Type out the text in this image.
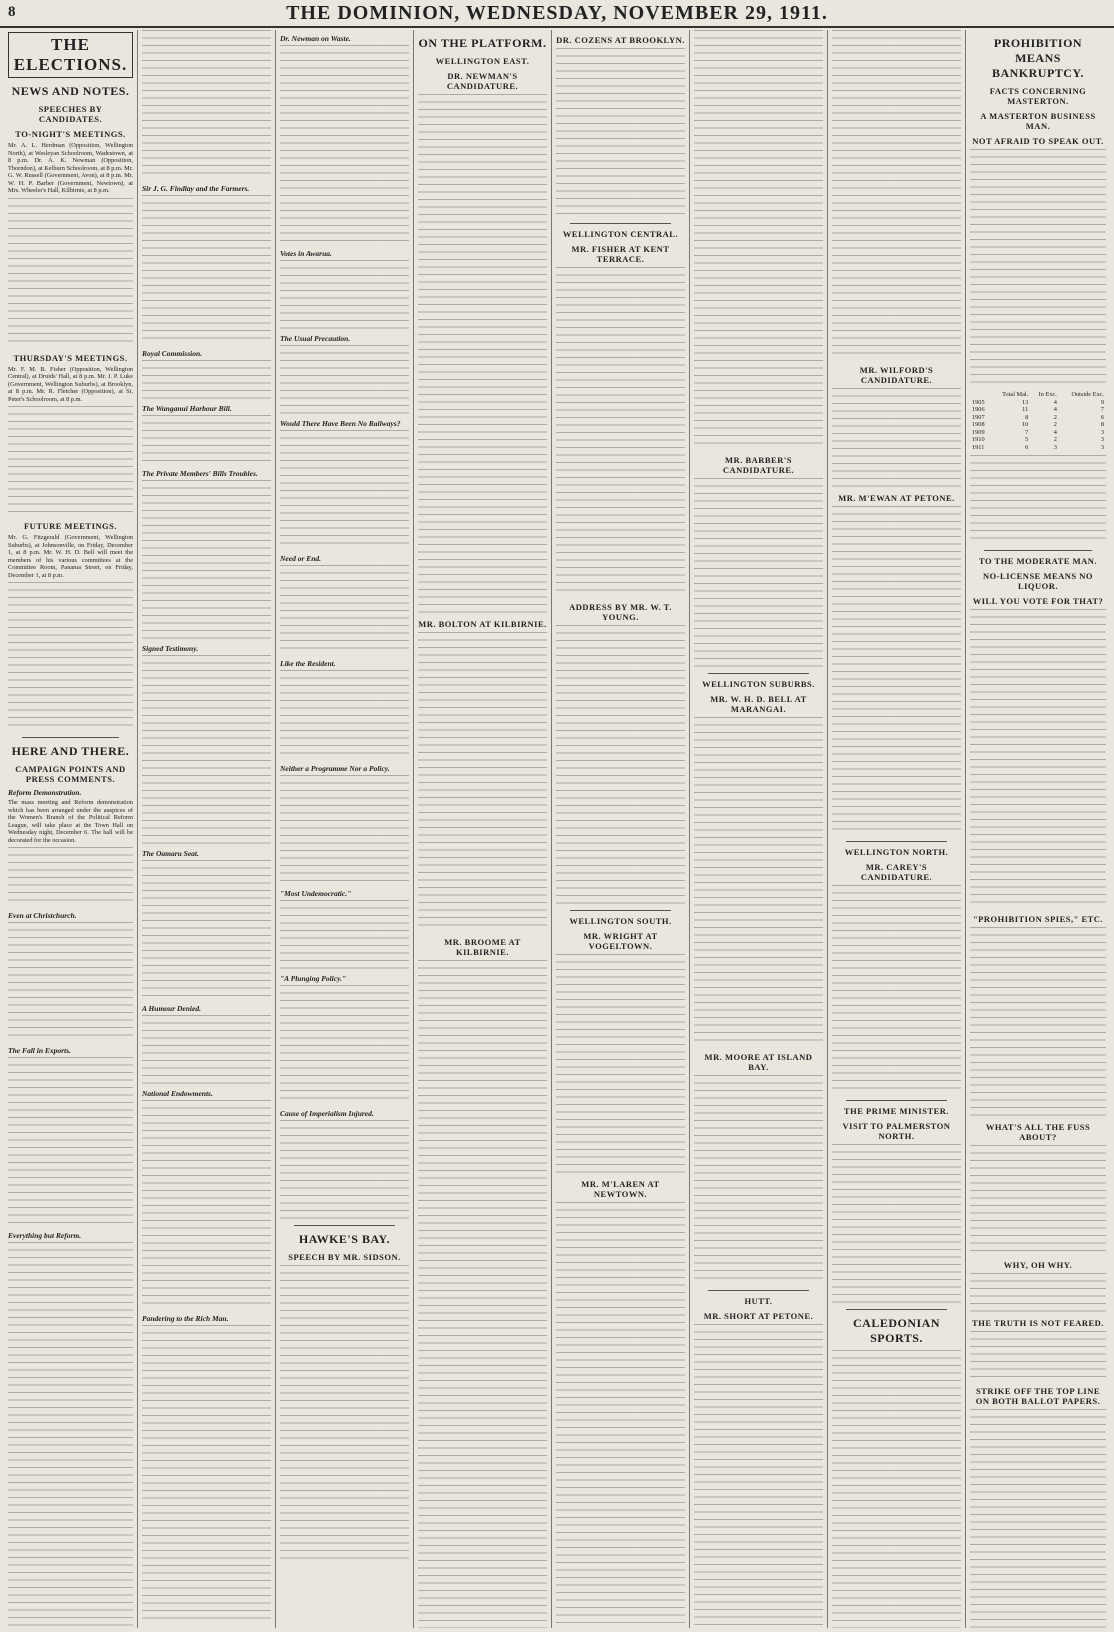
8	THE DOMINION, WEDNESDAY, NOVEMBER 29, 1911.
THE ELECTIONS.
NEWS AND NOTES.
SPEECHES BY CANDIDATES.
TO-NIGHT'S MEETINGS.

Mr. A. L. Herdman (Opposition, Wellington North), at Wesleyan Schoolroom, Wadestown, at 8 p.m. Dr. A. K. Newman (Opposition, Thorndon), at Kelburn Schoolroom, at 8 p.m. Mr. G. W. Russell (Government, Avon), at 8 p.m. Mr. W. H. P. Barber (Government, Newtown), at Mrs. Wheeler's Hall, Kilbirnie, at 8 p.m.

THURSDAY'S MEETINGS.

Mr. F. M. B. Fisher (Opposition, Wellington Central), at Druids' Hall, at 8 p.m. Mr. J. P. Luke (Government, Wellington Suburbs), at Brooklyn, at 8 p.m. Mr. R. Fletcher (Opposition), at St. Peter's Schoolroom, at 8 p.m.

FUTURE MEETINGS.

Mr. G. Fitzgerald (Government, Wellington Suburbs), at Johnsonville, on Friday, December 1, at 8 p.m. Mr. W. H. D. Bell will meet the members of his various committees at the Committee Room, Panama Street, on Friday, December 1, at 8 p.m.

HERE AND THERE.
CAMPAIGN POINTS AND PRESS COMMENTS.
Reform Demonstration.

The mass meeting and Reform demonstration which has been arranged under the auspices of the Women's Branch of the Political Reform League, will take place at the Town Hall on Wednesday night, December 6. The hall will be decorated for the occasion.

Even at Christchurch.
The Fall in Exports.
Everything but Reform.
Sir J. G. Findlay and the Farmers.
Royal Commission.
The Wanganui Harbour Bill.
The Private Members' Bills Troubles.
Signed Testimony.
The Oamaru Seat.
A Humour Denied.
National Endowments.
Pandering to the Rich Man.
Dr. Newman on Waste.
Votes in Awarua.
The Usual Precaution.
Would There Have Been No Railways?
Need or End.
Like the Resident.
Neither a Programme Nor a Policy.
"Most Undemocratic."
"A Plunging Policy."
Cause of Imperialism Injured.
HAWKE'S BAY.
SPEECH BY MR. SIDSON.
ON THE PLATFORM.
WELLINGTON EAST.
DR. NEWMAN'S CANDIDATURE.
MR. BOLTON AT KILBIRNIE.
MR. BROOME AT KILBIRNIE.
DR. COZENS AT BROOKLYN.
WELLINGTON CENTRAL.
MR. FISHER AT KENT TERRACE.
ADDRESS BY MR. W. T. YOUNG.
WELLINGTON SOUTH.
MR. WRIGHT AT VOGELTOWN.
MR. M'LAREN AT NEWTOWN.
MR. BARBER'S CANDIDATURE.
WELLINGTON SUBURBS.
MR. W. H. D. BELL AT MARANGAI.
MR. MOORE AT ISLAND BAY.
HUTT.
MR. SHORT AT PETONE.
MR. WILFORD'S CANDIDATURE.
MR. M'EWAN AT PETONE.
WELLINGTON NORTH.
MR. CAREY'S CANDIDATURE.
THE PRIME MINISTER.
VISIT TO PALMERSTON NORTH.
CALEDONIAN SPORTS.
PROHIBITION MEANS BANKRUPTCY.
FACTS CONCERNING MASTERTON.
A MASTERTON BUSINESS MAN.
NOT AFRAID TO SPEAK OUT.
	Total Mal.	In Exc.	Outside Exc.
1905	13	4	9
1906	11	4	7
1907	8	2	6
1908	10	2	8
1909	7	4	3
1910	5	2	3
1911	6	3	3
TO THE MODERATE MAN.
NO-LICENSE MEANS NO LIQUOR.
WILL YOU VOTE FOR THAT?
"PROHIBITION SPIES," ETC.
WHAT'S ALL THE FUSS ABOUT?
WHY, OH WHY.
THE TRUTH IS NOT FEARED.
STRIKE OFF THE TOP LINE ON BOTH BALLOT PAPERS.
